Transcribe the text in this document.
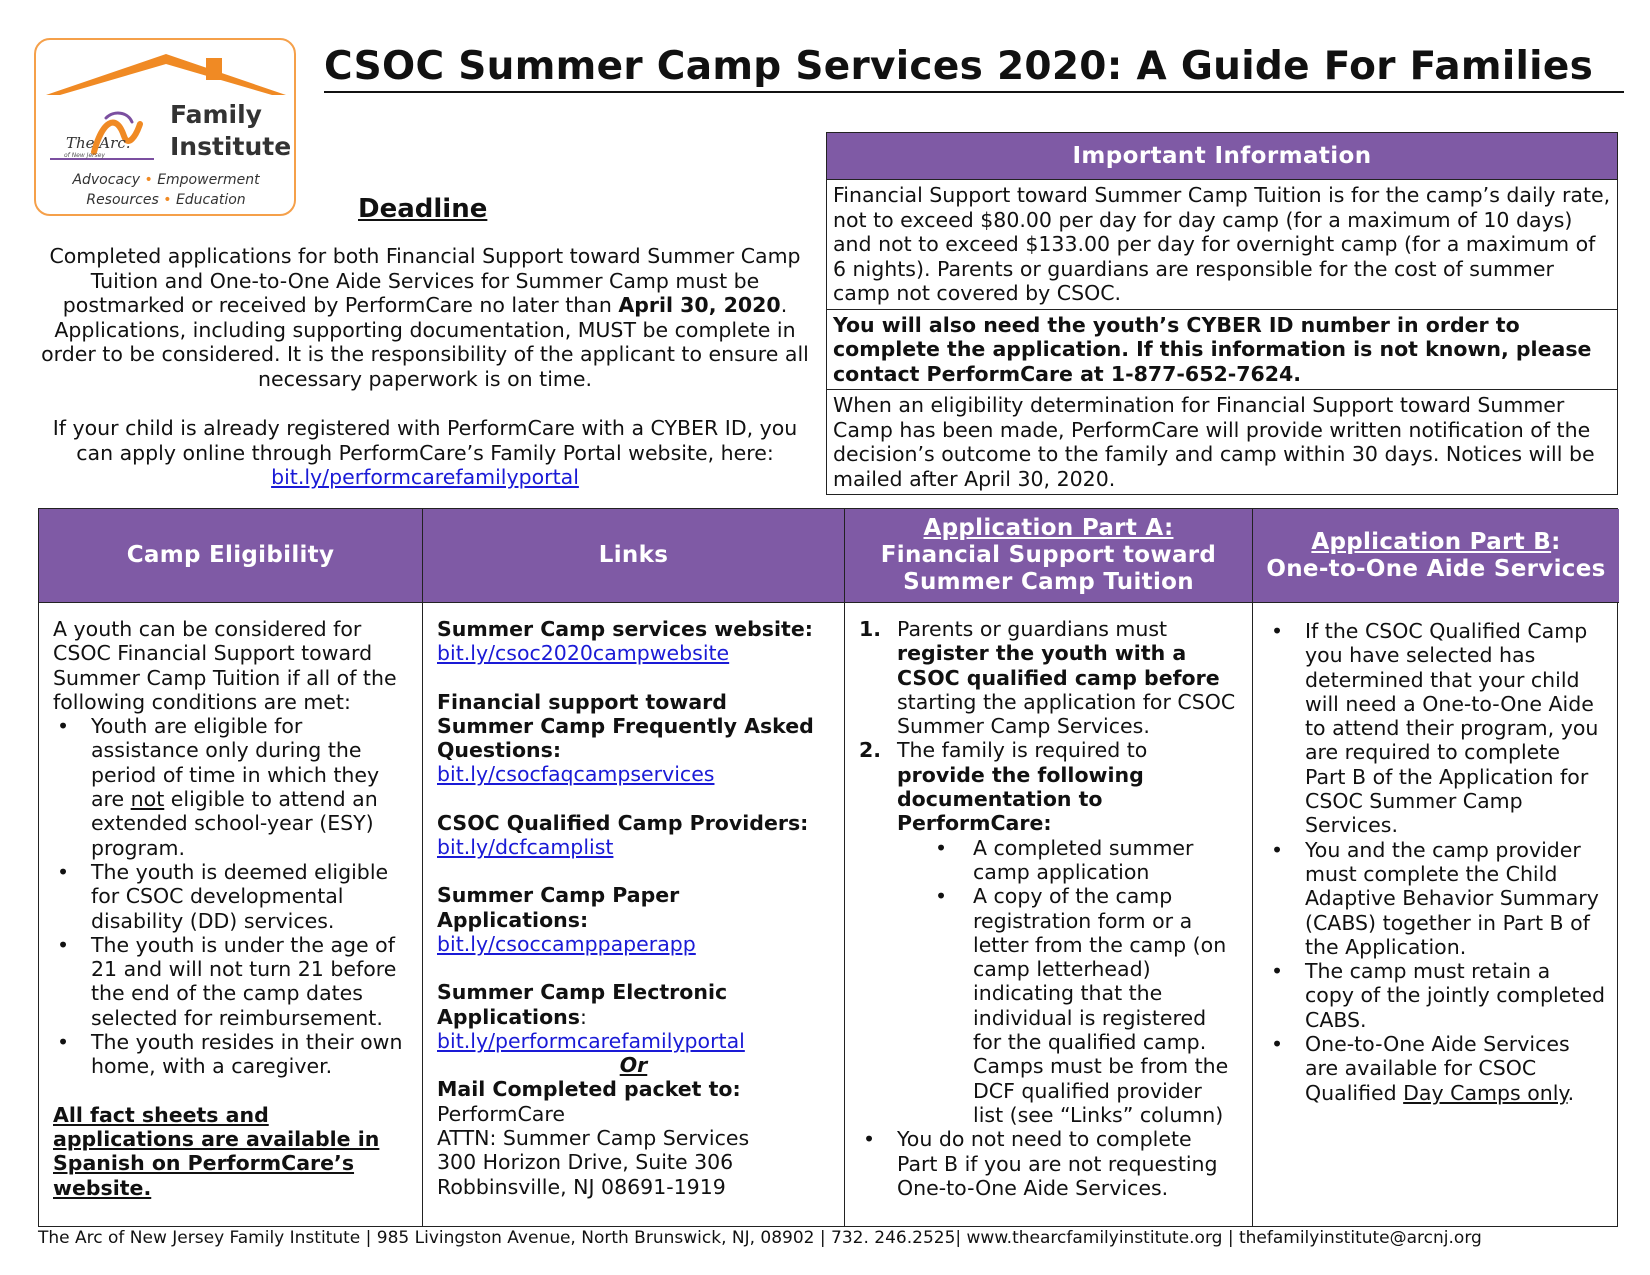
The Arc.
of New Jersey
Family
Institute
Advocacy • Empowerment
Resources • Education
CSOC Summer Camp Services 2020: A Guide For Families
Deadline
Completed applications for both Financial Support toward Summer Camp Tuition and One-to-One Aide Services for Summer Camp must be postmarked or received by PerformCare no later than April 30, 2020. Applications, including supporting documentation, MUST be complete in order to be considered. It is the responsibility of the applicant to ensure all necessary paperwork is on time.
If your child is already registered with PerformCare with a CYBER ID, you can apply online through PerformCare’s Family Portal website, here:
bit.ly/performcarefamilyportal
Important Information
Financial Support toward Summer Camp Tuition is for the camp’s daily rate, not to exceed $80.00 per day for day camp (for a maximum of 10 days) and not to exceed $133.00 per day for overnight camp (for a maximum of 6 nights). Parents or guardians are responsible for the cost of summer camp not covered by CSOC.
You will also need the youth’s CYBER ID number in order to complete the application. If this information is not known, please contact PerformCare at 1-877-652-7624.
When an eligibility determination for Financial Support toward Summer Camp has been made, PerformCare will provide written notification of the decision’s outcome to the family and camp within 30 days. Notices will be mailed after April 30, 2020.
Camp Eligibility	Links
Application Part A:
Financial Support toward
Summer Camp Tuition
Application Part B:
One-to-One Aide Services
A youth can be considered for CSOC Financial Support toward Summer Camp Tuition if all of the following conditions are met:
• Youth are eligible for assistance only during the period of time in which they are not eligible to attend an extended school-year (ESY) program.
• The youth is deemed eligible for CSOC developmental disability (DD) services.
• The youth is under the age of 21 and will not turn 21 before the end of the camp dates selected for reimbursement.
• The youth resides in their own home, with a caregiver.
All fact sheets and applications are available in Spanish on PerformCare’s website.
Summer Camp services website:
bit.ly/csoc2020campwebsite
Financial support toward Summer Camp Frequently Asked Questions:
bit.ly/csocfaqcampservices
CSOC Qualified Camp Providers:
bit.ly/dcfcamplist
Summer Camp Paper Applications:
bit.ly/csoccamppaperapp
Summer Camp Electronic Applications:
bit.ly/performcarefamilyportal
Or
Mail Completed packet to:
PerformCare
ATTN: Summer Camp Services
300 Horizon Drive, Suite 306
Robbinsville, NJ 08691-1919
1. Parents or guardians must register the youth with a CSOC qualified camp before starting the application for CSOC Summer Camp Services.
2. The family is required to provide the following documentation to PerformCare:
• A completed summer camp application
• A copy of the camp registration form or a letter from the camp (on camp letterhead) indicating that the individual is registered for the qualified camp. Camps must be from the DCF qualified provider list (see “Links” column)
• You do not need to complete Part B if you are not requesting One-to-One Aide Services.
• If the CSOC Qualified Camp you have selected has determined that your child will need a One-to-One Aide to attend their program, you are required to complete Part B of the Application for CSOC Summer Camp Services.
• You and the camp provider must complete the Child Adaptive Behavior Summary (CABS) together in Part B of the Application.
• The camp must retain a copy of the jointly completed CABS.
• One-to-One Aide Services are available for CSOC Qualified Day Camps only.
The Arc of New Jersey Family Institute | 985 Livingston Avenue, North Brunswick, NJ, 08902 | 732. 246.2525| www.thearcfamilyinstitute.org | thefamilyinstitute@arcnj.org
